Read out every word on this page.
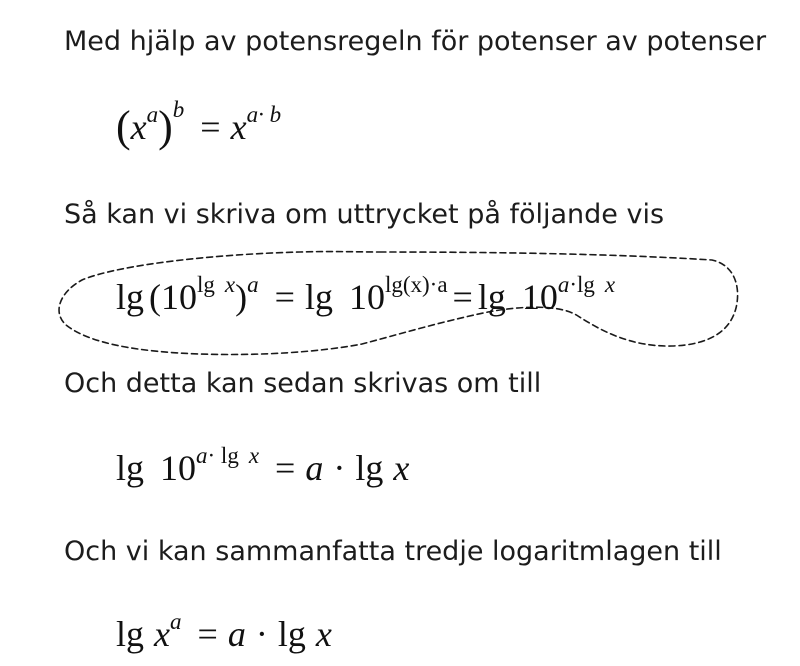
Med hjälp av potensregeln för potenser av potenser
$(x^a)^b = x^{a\cdot b}$
Så kan vi skriva om uttrycket på följande vis
$\lg (10^{lg x})^a = \lg 10^{lg(x)\cdot a} = \lg 10^{a\cdot lg x}$
Och detta kan sedan skrivas om till
$\lg 10^{a\cdot lg x} = a \cdot \lg x$
Och vi kan sammanfatta tredje logaritmlagen till
$\lg x^a = a \cdot \lg x$
